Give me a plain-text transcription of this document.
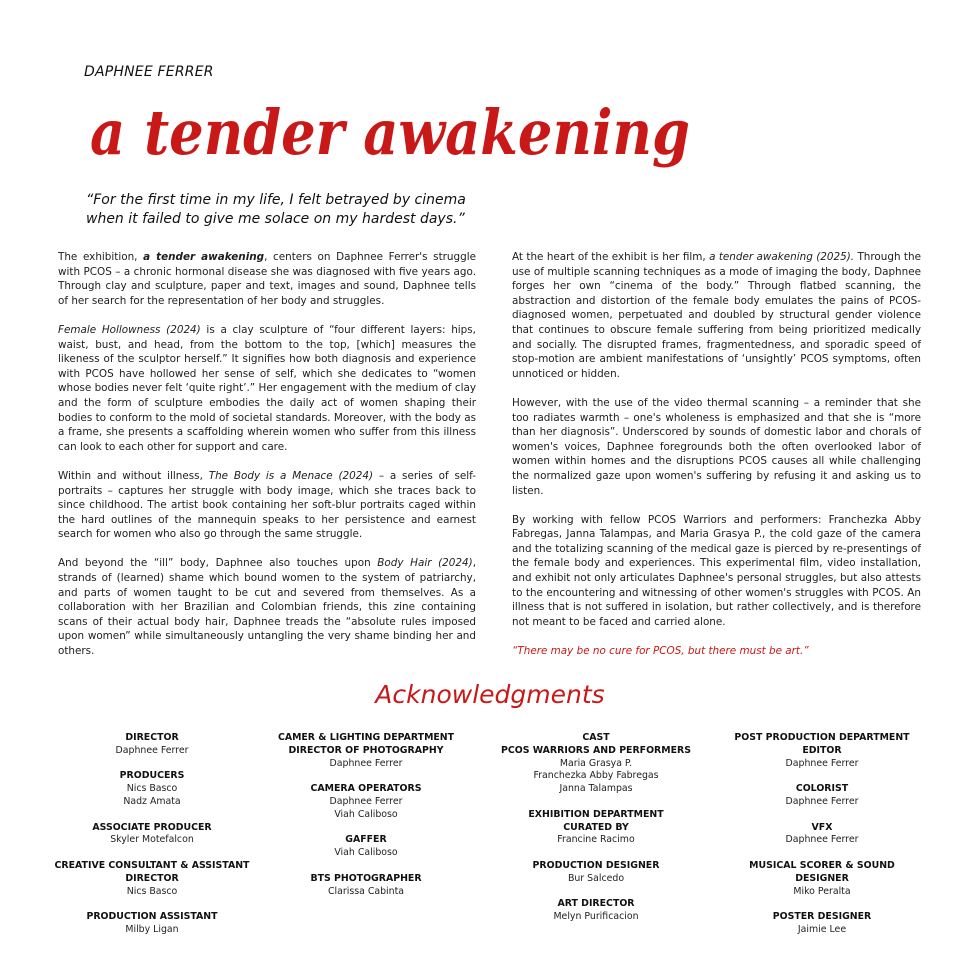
DAPHNEE FERRER
a tender awakening
“For the first time in my life, I felt betrayed by cinema
when it failed to give me solace on my hardest days.”

The exhibition, a tender awakening, centers on Daphnee Ferrer's struggle with PCOS – a chronic hormonal disease she was diagnosed with five years ago. Through clay and sculpture, paper and text, images and sound, Daphnee tells of her search for the representation of her body and struggles.

Female Hollowness (2024) is a clay sculpture of “four different layers: hips, waist, bust, and head, from the bottom to the top, [which] measures the likeness of the sculptor herself.” It signifies how both diagnosis and experience with PCOS have hollowed her sense of self, which she dedicates to “women whose bodies never felt ‘quite right’.” Her engagement with the medium of clay and the form of sculpture embodies the daily act of women shaping their bodies to conform to the mold of societal standards. Moreover, with the body as a frame, she presents a scaffolding wherein women who suffer from this illness can look to each other for support and care.

Within and without illness, The Body is a Menace (2024) – a series of self-portraits – captures her struggle with body image, which she traces back to since childhood. The artist book containing her soft-blur portraits caged within the hard outlines of the mannequin speaks to her persistence and earnest search for women who also go through the same struggle.

And beyond the “ill” body, Daphnee also touches upon Body Hair (2024), strands of (learned) shame which bound women to the system of patriarchy, and parts of women taught to be cut and severed from themselves. As a collaboration with her Brazilian and Colombian friends, this zine containing scans of their actual body hair, Daphnee treads the “absolute rules imposed upon women” while simultaneously untangling the very shame binding her and others.

At the heart of the exhibit is her film, a tender awakening (2025). Through the use of multiple scanning techniques as a mode of imaging the body, Daphnee forges her own “cinema of the body.” Through flatbed scanning, the abstraction and distortion of the female body emulates the pains of PCOS-diagnosed women, perpetuated and doubled by structural gender violence that continues to obscure female suffering from being prioritized medically and socially. The disrupted frames, fragmentedness, and sporadic speed of stop-motion are ambient manifestations of ‘unsightly’ PCOS symptoms, often unnoticed or hidden.

However, with the use of the video thermal scanning – a reminder that she too radiates warmth – one's wholeness is emphasized and that she is “more than her diagnosis”. Underscored by sounds of domestic labor and chorals of women's voices, Daphnee foregrounds both the often overlooked labor of women within homes and the disruptions PCOS causes all while challenging the normalized gaze upon women's suffering by refusing it and asking us to listen.

By working with fellow PCOS Warriors and performers: Franchezka Abby Fabregas, Janna Talampas, and Maria Grasya P., the cold gaze of the camera and the totalizing scanning of the medical gaze is pierced by re-presentings of the female body and experiences. This experimental film, video installation, and exhibit not only articulates Daphnee's personal struggles, but also attests to the encountering and witnessing of other women's struggles with PCOS. An illness that is not suffered in isolation, but rather collectively, and is therefore not meant to be faced and carried alone.

“There may be no cure for PCOS, but there must be art.”

Acknowledgments
DIRECTOR
Daphnee Ferrer
PRODUCERS
Nics Basco
Nadz Amata
ASSOCIATE PRODUCER
Skyler Motefalcon
CREATIVE CONSULTANT & ASSISTANT
DIRECTOR
Nics Basco
PRODUCTION ASSISTANT
Milby Ligan
CAMER & LIGHTING DEPARTMENT
DIRECTOR OF PHOTOGRAPHY
Daphnee Ferrer
CAMERA OPERATORS
Daphnee Ferrer
Viah Caliboso
GAFFER
Viah Caliboso
BTS PHOTOGRAPHER
Clarissa Cabinta
CAST
PCOS WARRIORS AND PERFORMERS
Maria Grasya P.
Franchezka Abby Fabregas
Janna Talampas
EXHIBITION DEPARTMENT
CURATED BY
Francine Racimo
PRODUCTION DESIGNER
Bur Salcedo
ART DIRECTOR
Melyn Purificacion
POST PRODUCTION DEPARTMENT
EDITOR
Daphnee Ferrer
COLORIST
Daphnee Ferrer
VFX
Daphnee Ferrer
MUSICAL SCORER & SOUND DESIGNER
Miko Peralta
POSTER DESIGNER
Jaimie Lee
